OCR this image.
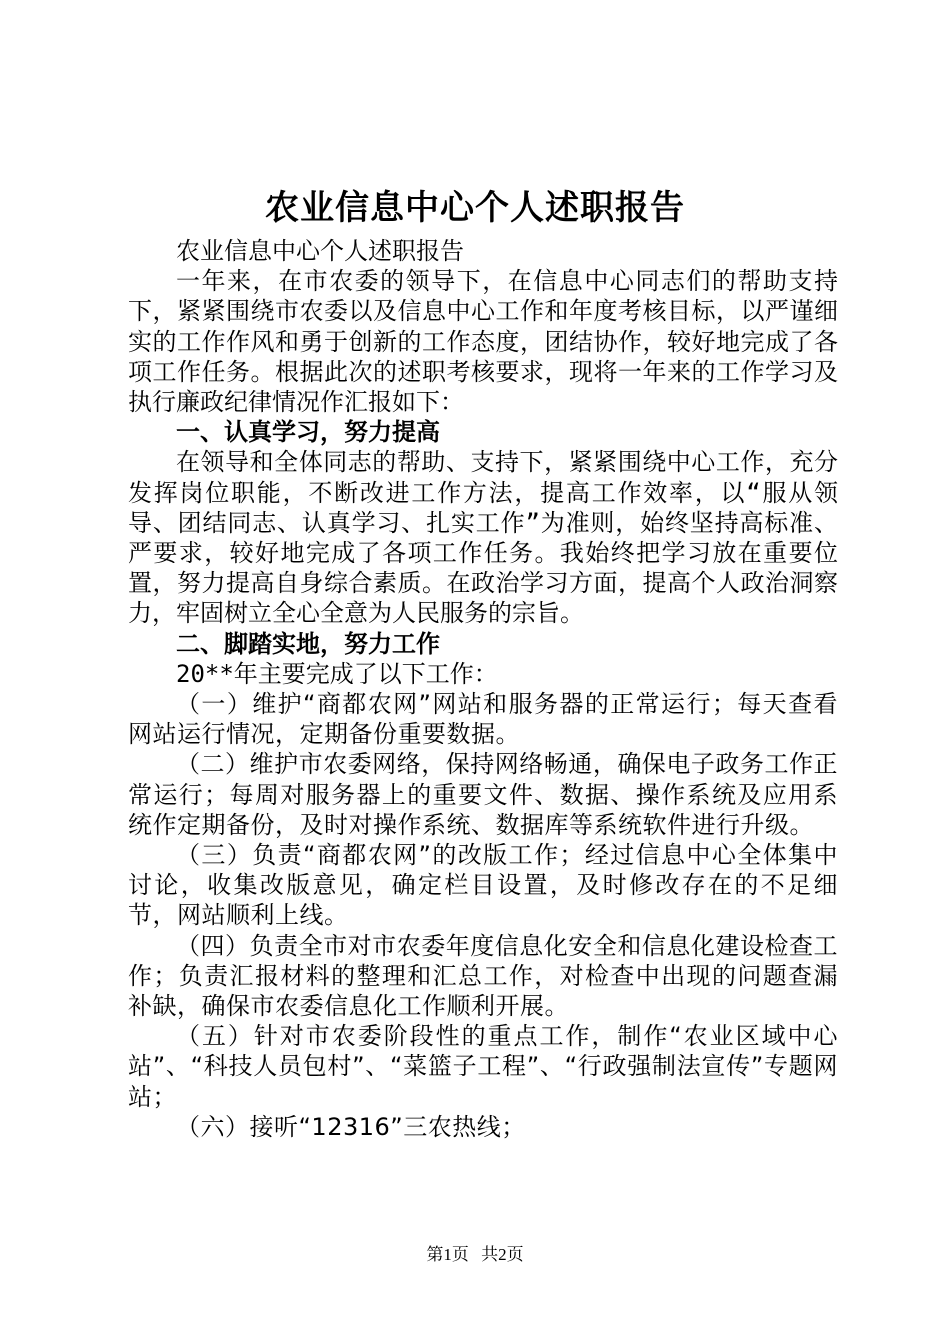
农业信息中心个人述职报告

农业信息中心个人述职报告

一年来，在市农委的领导下，在信息中心同志们的帮助支持下，紧紧围绕市农委以及信息中心工作和年度考核目标，以严谨细实的工作作风和勇于创新的工作态度，团结协作，较好地完成了各项工作任务。根据此次的述职考核要求，现将一年来的工作学习及执行廉政纪律情况作汇报如下：

一、认真学习，努力提高

在领导和全体同志的帮助、支持下，紧紧围绕中心工作，充分发挥岗位职能，不断改进工作方法，提高工作效率，以“服从领导、团结同志、认真学习、扎实工作”为准则，始终坚持高标准、严要求，较好地完成了各项工作任务。我始终把学习放在重要位置，努力提高自身综合素质。在政治学习方面，提高个人政治洞察力，牢固树立全心全意为人民服务的宗旨。

二、脚踏实地，努力工作

20**年主要完成了以下工作：

（一）维护“商都农网”网站和服务器的正常运行；每天查看网站运行情况，定期备份重要数据。

（二）维护市农委网络，保持网络畅通，确保电子政务工作正常运行；每周对服务器上的重要文件、数据、操作系统及应用系统作定期备份，及时对操作系统、数据库等系统软件进行升级。

（三）负责“商都农网”的改版工作；经过信息中心全体集中讨论，收集改版意见，确定栏目设置，及时修改存在的不足细节，网站顺利上线。

（四）负责全市对市农委年度信息化安全和信息化建设检查工作；负责汇报材料的整理和汇总工作，对检查中出现的问题查漏补缺，确保市农委信息化工作顺利开展。

（五）针对市农委阶段性的重点工作，制作“农业区域中心站”、“科技人员包村”、“菜篮子工程”、“行政强制法宣传”专题网站；

（六）接听“12316”三农热线；

第1页 共2页
